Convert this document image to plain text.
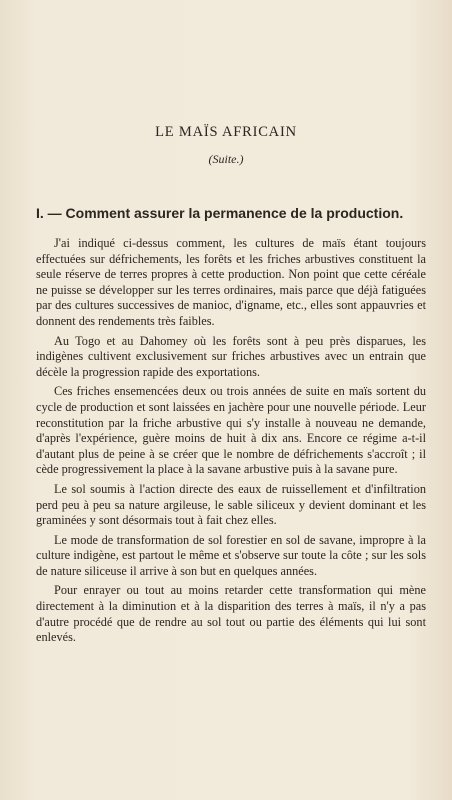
LE MAÏS AFRICAIN
(Suite.)
I. — Comment assurer la permanence de la production.

J'ai indiqué ci-dessus comment, les cultures de maïs étant toujours effectuées sur défrichements, les forêts et les friches arbustives constituent la seule réserve de terres propres à cette production. Non point que cette céréale ne puisse se développer sur les terres ordinaires, mais parce que déjà fatiguées par des cultures successives de manioc, d'igname, etc., elles sont appauvries et donnent des rendements très faibles.

Au Togo et au Dahomey où les forêts sont à peu près disparues, les indigènes cultivent exclusivement sur friches arbustives avec un entrain que décèle la progression rapide des exportations.

Ces friches ensemencées deux ou trois années de suite en maïs sortent du cycle de production et sont laissées en jachère pour une nouvelle période. Leur reconstitution par la friche arbustive qui s'y installe à nouveau ne demande, d'après l'expérience, guère moins de huit à dix ans. Encore ce régime a-t-il d'autant plus de peine à se créer que le nombre de défrichements s'accroît ; il cède progressivement la place à la savane arbustive puis à la savane pure.

Le sol soumis à l'action directe des eaux de ruissellement et d'infiltration perd peu à peu sa nature argileuse, le sable siliceux y devient dominant et les graminées y sont désormais tout à fait chez elles.

Le mode de transformation de sol forestier en sol de savane, impropre à la culture indigène, est partout le même et s'observe sur toute la côte ; sur les sols de nature siliceuse il arrive à son but en quelques années.

Pour enrayer ou tout au moins retarder cette transformation qui mène directement à la diminution et à la disparition des terres à maïs, il n'y a pas d'autre procédé que de rendre au sol tout ou partie des éléments qui lui sont enlevés.
